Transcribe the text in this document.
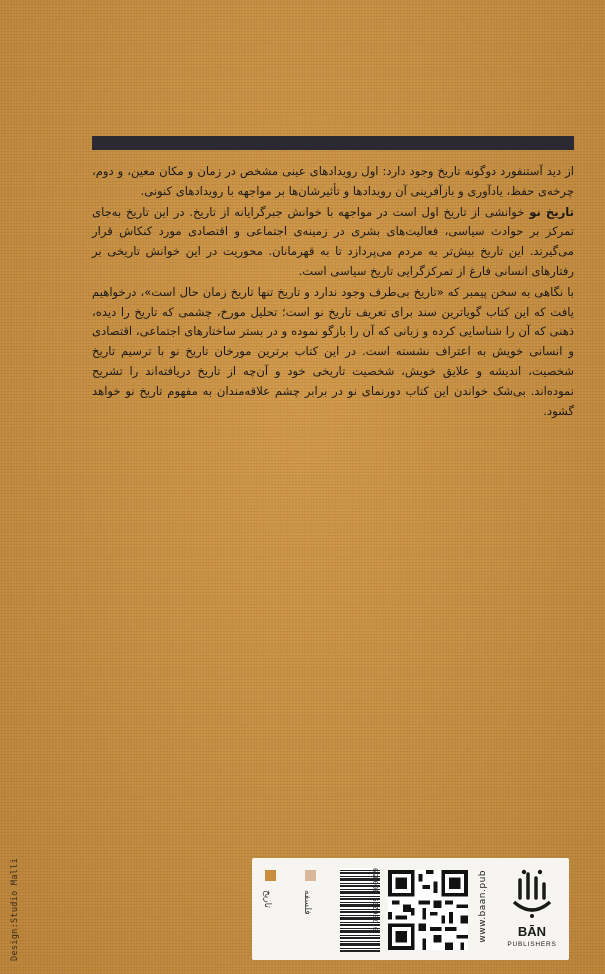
از دید آستنفورد دوگونه تاریخ وجود دارد: اول رویدادهای عینی مشخص در زمان و مکان معین، و دوم، چرخه‌ی حفظ، یادآوری و بازآفرینی آن رویدادها و تأثیرشان‌ها بر مواجهه با رویدادهای کنونی.

تاریخ نو خوانشی از تاریخ اول است در مواجهه با خوانش جبرگرایانه از تاریخ. در این تاریخ به‌جای تمرکز بر حوادث سیاسی، فعالیت‌های بشری در زمینه‌ی اجتماعی و اقتصادی مورد کنکاش قرار می‌گیرند. این تاریخ بیش‌تر به مردم می‌پردازد تا به قهرمانان. محوریت در این خوانش تاریخی بر رفتارهای انسانی فارغ از تمرکزگرایی تاریخ سیاسی است.

با نگاهی به سخن پیمبر که «تاریخ بی‌طرف وجود ندارد و تاریخ تنها تاریخ زمان حال است»، درخواهیم یافت که این کتاب گویاترین سند برای تعریف تاریخ نو است؛ تحلیل مورخ، چشمی که تاریخ را دیده، ذهنی که آن را شناسایی کرده و زبانی که آن را بازگو نموده و در بستر ساختارهای اجتماعی، اقتصادی و انسانی خویش به اعتراف نشسته است. در این کتاب برترین مورخان تاریخ نو با ترسیم تاریخ شخصیت، اندیشه و علایق خویش، شخصیت تاریخی خود و آن‌چه از تاریخ دریافته‌اند را تشریح نموده‌اند. بی‌شک خواندن این کتاب دورنمای نو در برابر چشم علاقه‌مندان به مفهوم تاریخ نو خواهد گشود.

Design:Studio Malli	تاریخ	فلسفه	9 786229 900859	www.baan.pub	BĀN
PUBLISHERS
